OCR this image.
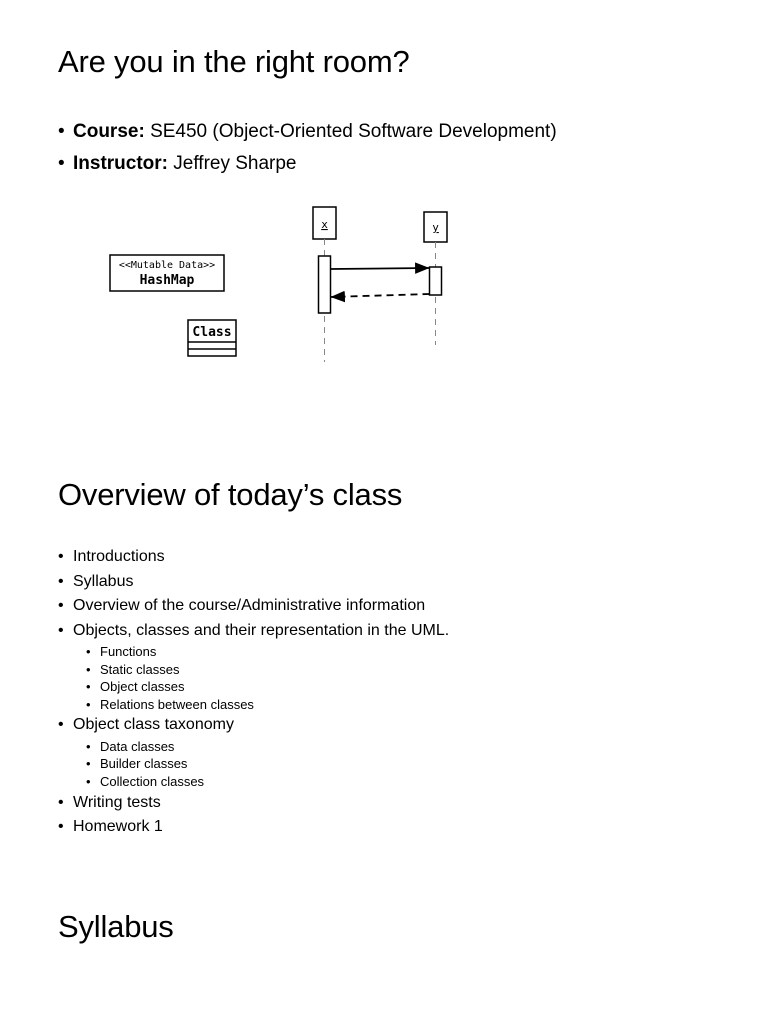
Are you in the right room?
• Course: SE450 (Object-Oriented Software Development)
• Instructor: Jeffrey Sharpe
<<Mutable Data>>
HashMap
Class
x	y
Overview of today’s class
• Introductions
• Syllabus
• Overview of the course/Administrative information
• Objects, classes and their representation in the UML.
• Functions
• Static classes
• Object classes
• Relations between classes
• Object class taxonomy
• Data classes
• Builder classes
• Collection classes
• Writing tests
• Homework 1
Syllabus
